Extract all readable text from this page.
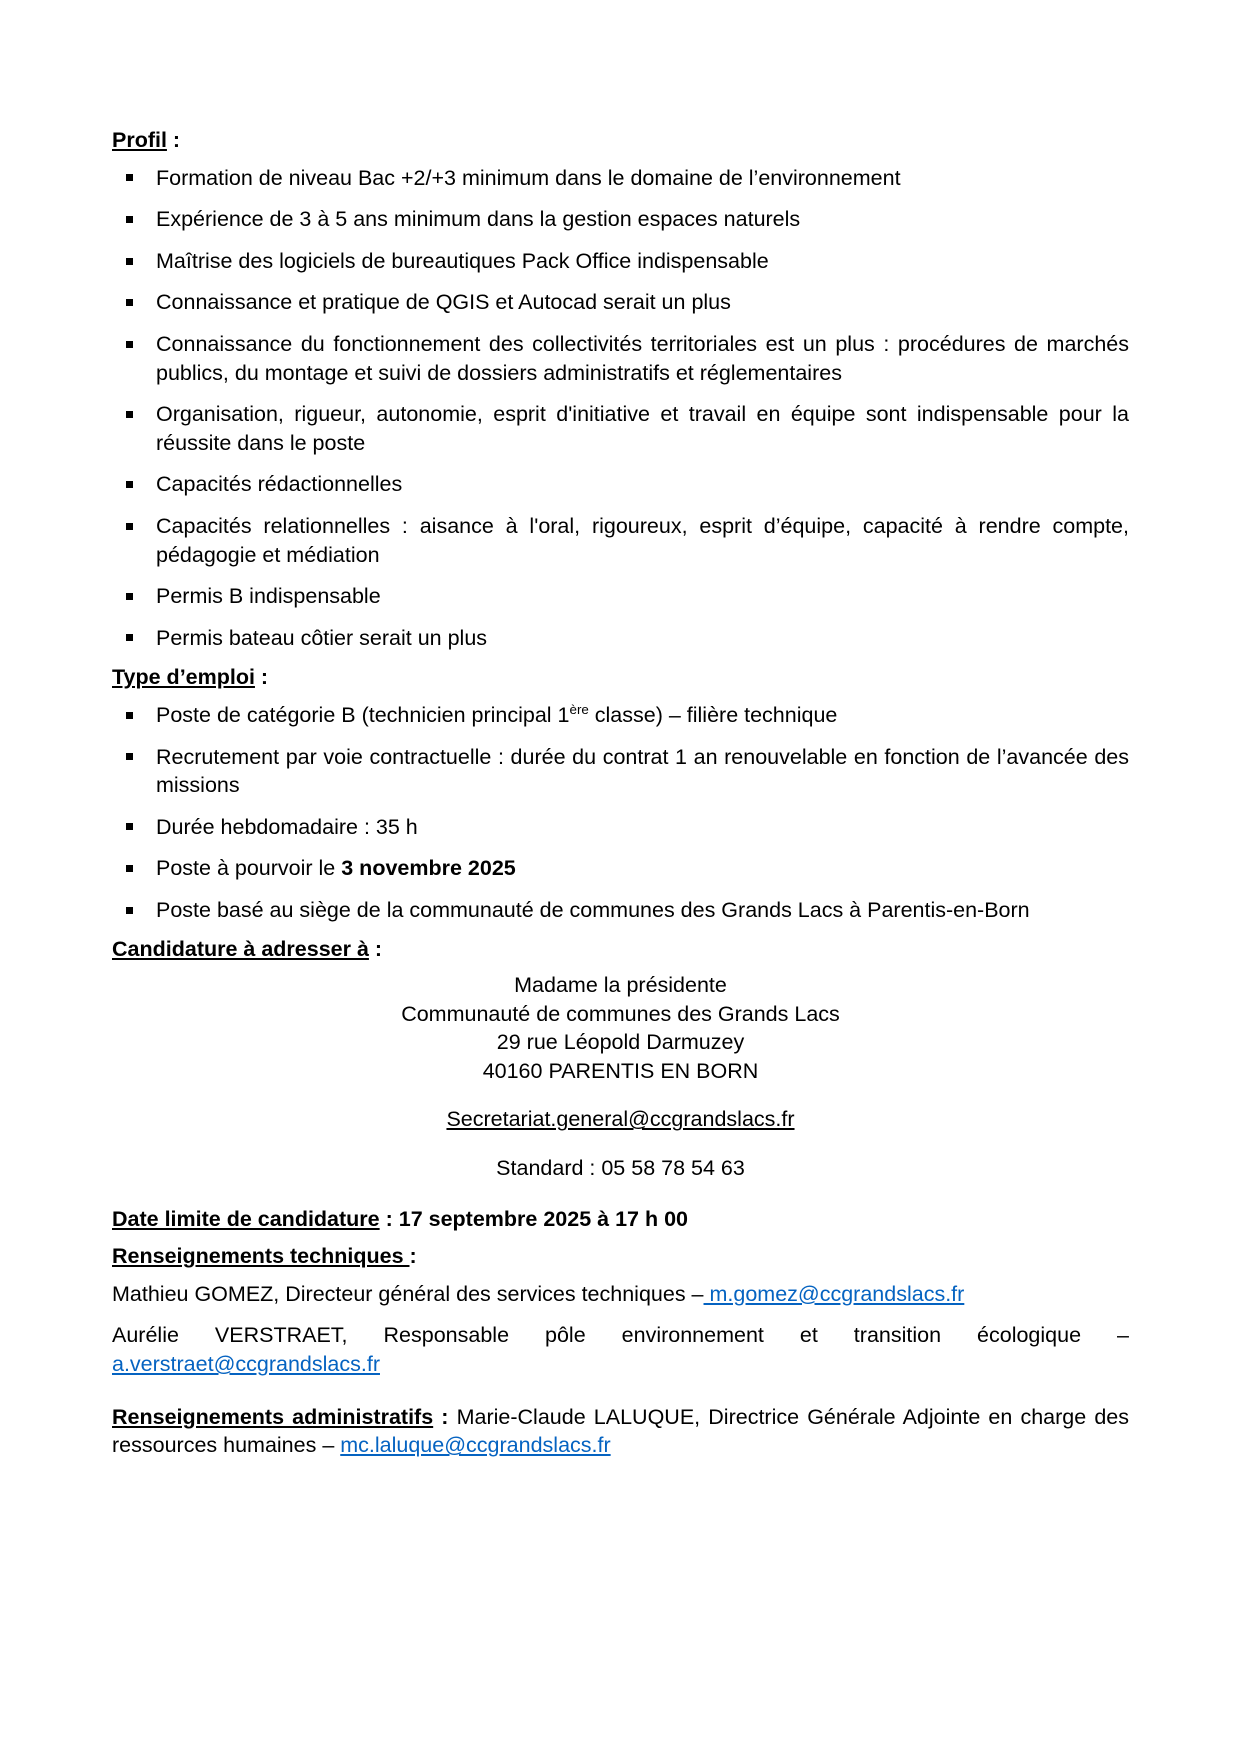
Profil :
Formation de niveau Bac +2/+3 minimum dans le domaine de l’environnement
Expérience de 3 à 5 ans minimum dans la gestion espaces naturels
Maîtrise des logiciels de bureautiques Pack Office indispensable
Connaissance et pratique de QGIS et Autocad serait un plus
Connaissance du fonctionnement des collectivités territoriales est un plus : procédures de marchés publics, du montage et suivi de dossiers administratifs et réglementaires
Organisation, rigueur, autonomie, esprit d'initiative et travail en équipe sont indispensable pour la réussite dans le poste
Capacités rédactionnelles
Capacités relationnelles : aisance à l'oral, rigoureux, esprit d’équipe, capacité à rendre compte, pédagogie et médiation
Permis B indispensable
Permis bateau côtier serait un plus
Type d’emploi :
Poste de catégorie B (technicien principal 1ère classe) – filière technique
Recrutement par voie contractuelle : durée du contrat 1 an renouvelable en fonction de l’avancée des missions
Durée hebdomadaire : 35 h
Poste à pourvoir le 3 novembre 2025
Poste basé au siège de la communauté de communes des Grands Lacs à Parentis-en-Born
Candidature à adresser à :
Madame la présidente
Communauté de communes des Grands Lacs
29 rue Léopold Darmuzey
40160 PARENTIS EN BORN
Secretariat.general@ccgrandslacs.fr
Standard : 05 58 78 54 63
Date limite de candidature : 17 septembre 2025 à 17 h 00
Renseignements techniques :

Mathieu GOMEZ, Directeur général des services techniques – m.gomez@ccgrandslacs.fr

Aurélie VERSTRAET, Responsable pôle environnement et transition écologique – a.verstraet@ccgrandslacs.fr

Renseignements administratifs : Marie-Claude LALUQUE, Directrice Générale Adjointe en charge des ressources humaines – mc.laluque@ccgrandslacs.fr
